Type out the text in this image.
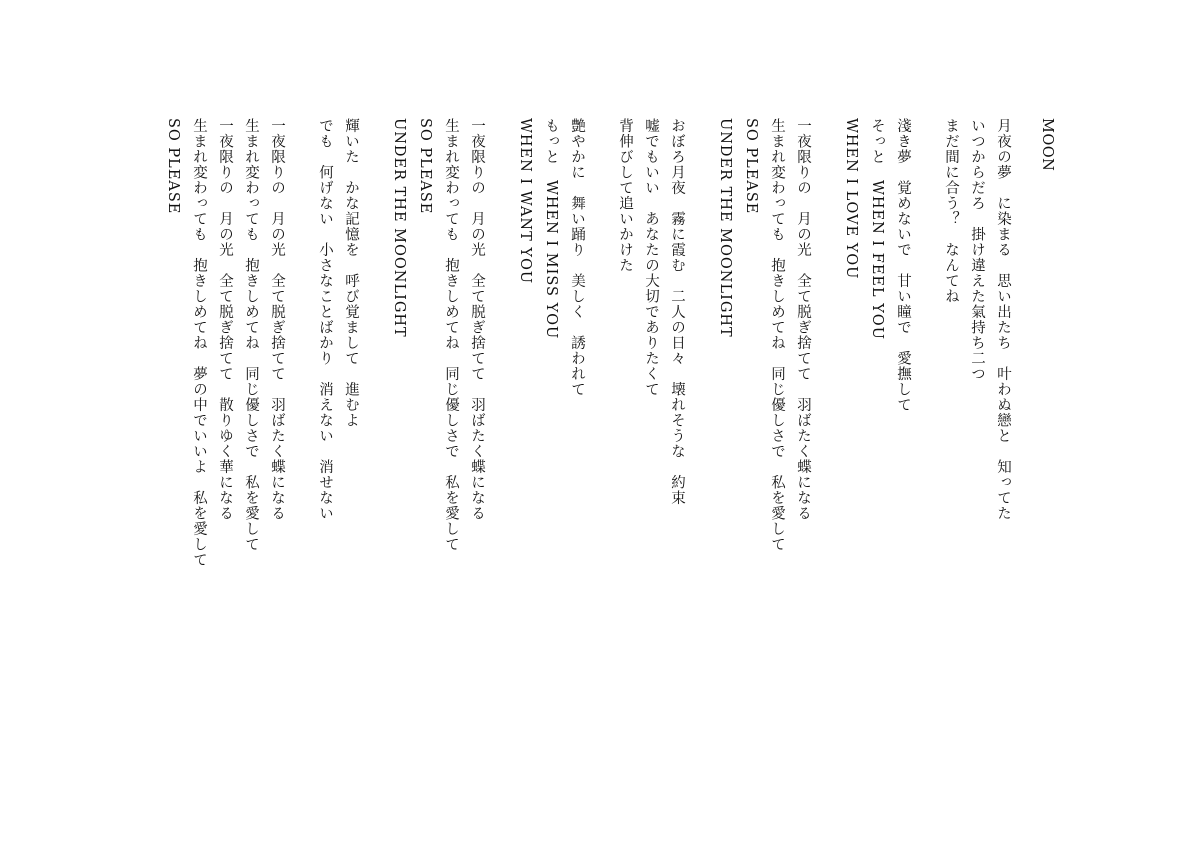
MOON
月夜の夢　に染まる　思い出たち　叶わぬ戀と　知ってた
いつからだろ　掛け違えた氣持ち二つ
まだ間に合う？　なんてね
淺き夢　覚めないで　甘い瞳で　愛撫して
そっと　WHEN I FEEL YOU
WHEN I LOVE YOU
一夜限りの　月の光　全て脱ぎ捨てて　羽ばたく蝶になる
生まれ変わっても　抱きしめてね　同じ優しさで　私を愛して
SO PLEASE
UNDER THE MOONLIGHT
おぼろ月夜　霧に霞む　二人の日々　壊れそうな　約束
嘘でもいい　あなたの大切でありたくて
背伸びして追いかけた
艶やかに　舞い踊り　美しく　誘われて
もっと　WHEN I MISS YOU
WHEN I WANT YOU
一夜限りの　月の光　全て脱ぎ捨てて　羽ばたく蝶になる
生まれ変わっても　抱きしめてね　同じ優しさで　私を愛して
SO PLEASE
UNDER THE MOONLIGHT
輝いた　かな記憶を　呼び覚まして　進むよ
でも　何げない　小さなことばかり　消えない　消せない
一夜限りの　月の光　全て脱ぎ捨てて　羽ばたく蝶になる
生まれ変わっても　抱きしめてね　同じ優しさで　私を愛して
一夜限りの　月の光　全て脱ぎ捨てて　散りゆく華になる
生まれ変わっても　抱きしめてね　夢の中でいいよ　私を愛して
SO PLEASE
